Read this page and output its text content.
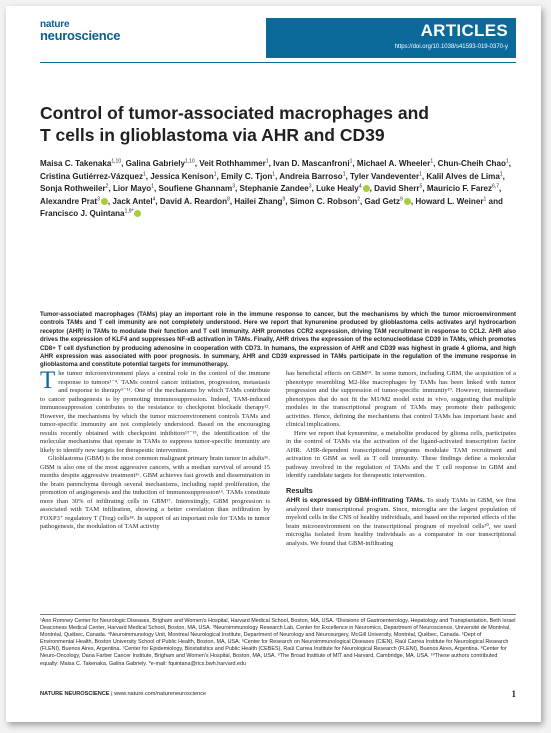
nature
neuroscience	ARTICLES
https://doi.org/10.1038/s41593-019-0370-y
Control of tumor-associated macrophages and
T cells in glioblastoma via AHR and CD39
Maisa C. Takenaka$^{1,10}$, Galina Gabriely$^{1,10}$, Veit Rothhammer$^1$, Ivan D. Mascanfroni$^1$, Michael A. Wheeler$^1$, Chun-Cheih Chao$^1$, Cristina Gutiérrez-Vázquez$^1$, Jessica Kenison$^1$, Emily C. Tjon$^1$, Andreia Barroso$^1$, Tyler Vandeventer$^1$, Kalil Alves de Lima$^1$, Sonja Rothweiler$^2$, Lior Mayo$^1$, Soufiene Ghannam$^3$, Stephanie Zandee$^3$, Luke Healy$^4$ , David Sherr$^5$, Mauricio F. Farez$^{6,7}$, Alexandre Prat$^3$ , Jack Antel$^4$, David A. Reardon$^8$, Hailei Zhang$^9$, Simon C. Robson$^2$, Gad Getz$^9$ , Howard L. Weiner$^1$ and Francisco J. Quintana$^{1,9*}$
Tumor-associated macrophages (TAMs) play an important role in the immune response to cancer, but the mechanisms by which the tumor microenvironment controls TAMs and T cell immunity are not completely understood. Here we report that kynurenine produced by glioblastoma cells activates aryl hydrocarbon receptor (AHR) in TAMs to modulate their function and T cell immunity. AHR promotes CCR2 expression, driving TAM recruitment in response to CCL2. AHR also drives the expression of KLF4 and suppresses NF-κB activation in TAMs. Finally, AHR drives the expression of the ectonucleotidase CD39 in TAMs, which promotes CD8+ T cell dysfunction by producing adenosine in cooperation with CD73. In humans, the expression of AHR and CD39 was highest in grade 4 glioma, and high AHR expression was associated with poor prognosis. In summary, AHR and CD39 expressed in TAMs participate in the regulation of the immune response in glioblastoma and constitute potential targets for immunotherapy.

The tumor microenvironment plays a central role in the control of the immune response to tumors¹⁻⁴. TAMs control cancer initiation, progression, metastasis and response to therapy⁵⁻¹¹. One of the mechanisms by which TAMs contribute to cancer pathogenesis is by promoting immunosuppression. Indeed, TAM-induced immunosuppression contributes to the resistance to checkpoint blockade therapy¹². However, the mechanisms by which the tumor microenvironment controls TAMs and tumor-specific immunity are not completely understood. Based on the encouraging results recently obtained with checkpoint inhibitors¹³⁻¹⁵, the identification of the molecular mechanisms that operate in TAMs to suppress tumor-specific immunity are likely to identify new targets for therapeutic intervention.

Glioblastoma (GBM) is the most common malignant primary brain tumor in adults¹⁶. GBM is also one of the most aggressive cancers, with a median survival of around 15 months despite aggressive treatment¹⁶. GBM achieves fast growth and dissemination in the brain parenchyma through several mechanisms, including rapid proliferation, the promotion of angiogenesis and the induction of immunosuppression¹⁶. TAMs constitute more than 30% of infiltrating cells in GBM¹⁷. Interestingly, GBM progression is associated with TAM infiltration, showing a better correlation than infiltration by FOXP3⁺ regulatory T (Treg) cells¹⁸. In support of an important role for TAMs in tumor pathogenesis, the modulation of TAM activity

has beneficial effects on GBM¹⁹. In some tumors, including GBM, the acquisition of a phenotype resembling M2-like macrophages by TAMs has been linked with tumor progression and the suppression of tumor-specific immunity¹⁹. However, intermediate phenotypes that do not fit the M1/M2 model exist in vivo, suggesting that multiple modules in the transcriptional program of TAMs may promote their pathogenic activities. Hence, defining the mechanisms that control TAMs has important basic and clinical implications.

Here we report that kynurenine, a metabolite produced by glioma cells, participates in the control of TAMs via the activation of the ligand-activated transcription factor AHR. AHR-dependent transcriptional programs modulate TAM recruitment and activation in GBM as well as T cell immunity. These findings define a molecular pathway involved in the regulation of TAMs and the T cell response in GBM and identify candidate targets for therapeutic intervention.

Results

AHR is expressed by GBM-infiltrating TAMs. To study TAMs in GBM, we first analyzed their transcriptional program. Since, microglia are the largest population of myeloid cells in the CNS of healthy individuals, and based on the reported effects of the brain microenvironment on the transcriptional program of myeloid cells²⁰, we used microglia isolated from healthy individuals as a comparator in our transcriptional analysis. We found that GBM-infiltrating

¹Ann Romney Center for Neurologic Diseases, Brigham and Women's Hospital, Harvard Medical School, Boston, MA, USA. ²Divisions of Gastroenterology, Hepatology and Transplantation, Beth Israel Deaconess Medical Center, Harvard Medical School, Boston, MA, USA. ³Neuroimmunology Research Lab, Center for Excellence in Neuromics, Department of Neuroscience, Université de Montréal, Montréal, Québec, Canada. ⁴Neuroimmunology Unit, Montreal Neurological Institute, Department of Neurology and Neurosurgery, McGill University, Montréal, Québec, Canada. ⁵Dept of Environmental Health, Boston University School of Public Health, Boston, MA, USA. ⁶Center for Research on Neuroimmunological Diseases (CIEN), Raúl Carrea Institute for Neurological Research (FLENI), Buenos Aires, Argentina. ⁷Center for Epidemiology, Biostatistics and Public Health (CEBES), Raúl Carrea Institute for Neurological Research (FLENI), Buenos Aires, Argentina. ⁸Center for Neuro-Oncology, Dana Farber Cancer Institute, Brigham and Women's Hospital, Boston, MA, USA. ⁹The Broad Institute of MIT and Harvard, Cambridge, MA, USA. ¹⁰These authors contributed equally: Maisa C. Takenaka, Galina Gabriely. *e-mail: fquintana@rics.bwh.harvard.edu
NATURE NEUROSCIENCE | www.nature.com/natureneuroscience	1
